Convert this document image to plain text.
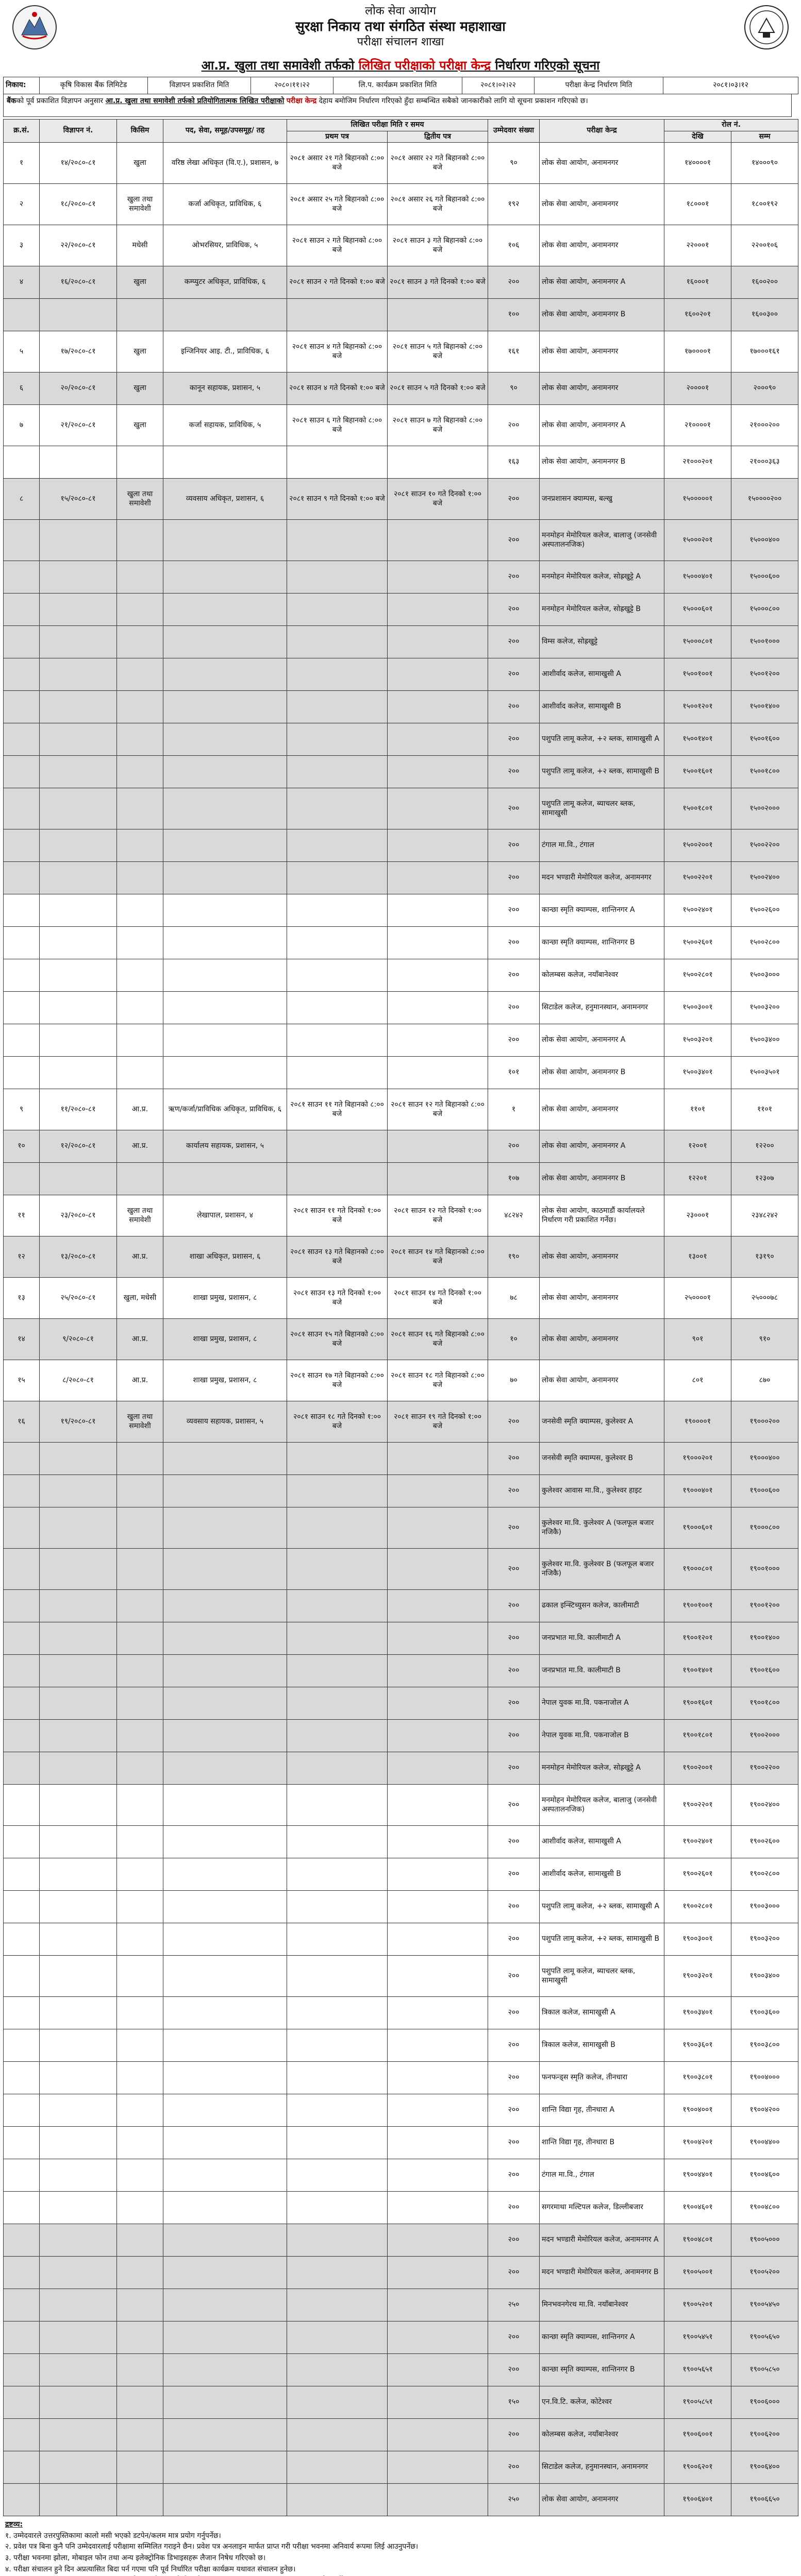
लोक सेवा आयोग
सुरक्षा निकाय तथा संगठित संस्था महाशाखा
परीक्षा संचालन शाखा
आ.प्र. खुला तथा समावेशी तर्फको लिखित परीक्षाको परीक्षा केन्द्र निर्धारण गरिएको सूचना
निकाय:	कृषि विकास बैंक लिमिटेड	विज्ञापन प्रकाशित मिति	२०८०।११।२२	लि.प. कार्यक्रम प्रकाशित मिति	२०८१।०२।२२	परीक्षा केन्द्र निर्धारण मिति	२०८१।०३।१२
बैंकको पूर्व प्रकाशित विज्ञापन अनुसार आ.प्र. खुला तथा समावेशी तर्फको प्रतियोगितात्मक लिखित परीक्षाको परीक्षा केन्द्र देहाय बमोजिम निर्धारण गरिएको हुँदा सम्बन्धित सबैको जानकारीको लागि यो सूचना प्रकाशन गरिएको छ।
क्र.सं.	विज्ञापन नं.	किसिम	पद, सेवा, समूह/उपसमूह/ तह	लिखित परीक्षा मिति र समय		उम्मेदवार संख्या	परीक्षा केन्द्र	रोल नं.	
				प्रथम पत्र	द्वितीय पत्र			देखि	सम्म
१	१४/२०८०-८१	खुला	वरिष्ठ लेखा अधिकृत (वि.ए.), प्रशासन, ७	२०८१ असार २१ गते बिहानको ८:०० बजे	२०८१ असार २२ गते बिहानको ८:०० बजे	९०	लोक सेवा आयोग, अनामनगर	१४००००१	१४०००९०
२	१८/२०८०-८१	खुला तथा समावेशी	कर्जा अधिकृत, प्राविधिक, ६	२०८१ असार २५ गते बिहानको ८:०० बजे	२०८१ असार २६ गते बिहानको ८:०० बजे	१९२	लोक सेवा आयोग, अनामनगर	१८०००१	१८००१९२
३	२२/२०८०-८१	मधेसी	ओभरसियर, प्राविधिक, ५	२०८१ साउन २ गते बिहानको ८:०० बजे	२०८१ साउन ३ गते बिहानको ८:०० बजे	१०६	लोक सेवा आयोग, अनामनगर	२२०००१	२२००१०६
४	१६/२०८०-८१	खुला	कम्प्युटर अधिकृत, प्राविधिक, ६	२०८१ साउन २ गते दिनको १:०० बजे	२०८१ साउन ३ गते दिनको १:०० बजे	२००	लोक सेवा आयोग, अनामनगर A	१६०००१	१६००२००
						१००	लोक सेवा आयोग, अनामनगर B	१६००२०१	१६००३००
५	१७/२०८०-८१	खुला	इन्जिनियर आइ. टी., प्राविधिक, ६	२०८१ साउन ४ गते बिहानको ८:०० बजे	२०८१ साउन ५ गते बिहानको ८:०० बजे	१६१	लोक सेवा आयोग, अनामनगर	१७००००१	१७०००१६१
६	२०/२०८०-८१	खुला	कानून सहायक, प्रशासन, ५	२०८१ साउन ४ गते दिनको १:०० बजे	२०८१ साउन ५ गते दिनको १:०० बजे	९०	लोक सेवा आयोग, अनामनगर	२००००१	२०००९०
७	२१/२०८०-८१	खुला	कर्जा सहायक, प्राविधिक, ५	२०८१ साउन ६ गते बिहानको ८:०० बजे	२०८१ साउन ७ गते बिहानको ८:०० बजे	२००	लोक सेवा आयोग, अनामनगर A	२१००००१	२१०००२००
						१६३	लोक सेवा आयोग, अनामनगर B	२१०००२०१	२१०००३६३
८	१५/२०८०-८१	खुला तथा समावेशी	व्यवसाय अधिकृत, प्रशासन, ६	२०८१ साउन ९ गते दिनको १:०० बजे	२०८१ साउन १० गते दिनको १:०० बजे	२००	जनप्रशासन क्याम्पस, बल्खु	१५०००००१	१५००००२००
						२००	मनमोहन मेमोरियल कलेज, बालाजु (जनसेवी अस्पतालनजिक)	१५०००२०१	१५०००४००
						२००	मनमोहन मेमोरियल कलेज, सोह्रखुट्टे A	१५०००४०१	१५०००६००
						२००	मनमोहन मेमोरियल कलेज, सोह्रखुट्टे B	१५०००६०१	१५०००८००
						२००	विम्स कलेज, सोह्रखुट्टे	१५०००८०१	१५००१०००
						२००	आशीर्वाद कलेज, सामाखुसी A	१५००१००१	१५००१२००
						२००	आशीर्वाद कलेज, सामाखुसी B	१५००१२०१	१५००१४००
						२००	पशुपति लामू कलेज, +२ ब्लक, सामाखुसी A	१५००१४०१	१५००१६००
						२००	पशुपति लामू कलेज, +२ ब्लक, सामाखुसी B	१५००१६०१	१५००१८००
						२००	पशुपति लामू कलेज, ब्याचलर ब्लक, सामाखुसी	१५००१८०१	१५००२०००
						२००	टंगाल मा.वि., टंगाल	१५००२००१	१५००२२००
						२००	मदन भण्डारी मेमोरियल कलेज, अनामनगर	१५००२२०१	१५००२४००
						२००	कान्छा स्मृति क्याम्पस, शान्तिनगर A	१५००२४०१	१५००२६००
						२००	कान्छा स्मृति क्याम्पस, शान्तिनगर B	१५००२६०१	१५००२८००
						२००	कोलम्बस कलेज, नयाँबानेश्वर	१५००२८०१	१५००३०००
						२००	सिटाडेल कलेज, हनुमानस्थान, अनामनगर	१५००३००१	१५००३२००
						२००	लोक सेवा आयोग, अनामनगर A	१५००३२०१	१५००३४००
						१०१	लोक सेवा आयोग, अनामनगर B	१५००३४०१	१५००३५०१
९	११/२०८०-८१	आ.प्र.	ऋण/कर्जा/प्राविधिक अधिकृत, प्राविधिक, ६	२०८१ साउन ११ गते बिहानको ८:०० बजे	२०८१ साउन १२ गते बिहानको ८:०० बजे	१	लोक सेवा आयोग, अनामनगर	११०१	११०१
१०	१२/२०८०-८१	आ.प्र.	कार्यालय सहायक, प्रशासन, ५			२००	लोक सेवा आयोग, अनामनगर A	१२००१	१२२००
						१०७	लोक सेवा आयोग, अनामनगर B	१२२०१	१२३०७
११	२३/२०८०-८१	खुला तथा समावेशी	लेखापाल, प्रशासन, ४	२०८१ साउन ११ गते दिनको १:०० बजे	२०८१ साउन १२ गते दिनको १:०० बजे	४८२४२	लोक सेवा आयोग, काठमाडौं कार्यालयले निर्धारण गरी प्रकाशित गर्नेछ।	२३०००१	२३४८२४२
१२	१३/२०८०-८१	आ.प्र.	शाखा अधिकृत, प्रशासन, ६	२०८१ साउन १३ गते बिहानको ८:०० बजे	२०८१ साउन १४ गते बिहानको ८:०० बजे	१९०	लोक सेवा आयोग, अनामनगर	१३००१	१३१९०
१३	२५/२०८०-८१	खुला, मधेसी	शाखा प्रमुख, प्रशासन, ८	२०८१ साउन १३ गते दिनको १:०० बजे	२०८१ साउन १४ गते दिनको १:०० बजे	७८	लोक सेवा आयोग, अनामनगर	२५००००१	२५०००७८
१४	९/२०८०-८१	आ.प्र.	शाखा प्रमुख, प्रशासन, ८	२०८१ साउन १५ गते बिहानको ८:०० बजे	२०८१ साउन १६ गते बिहानको ८:०० बजे	१०	लोक सेवा आयोग, अनामनगर	९०१	९१०
१५	८/२०८०-८१	आ.प्र.	शाखा प्रमुख, प्रशासन, ८	२०८१ साउन १७ गते बिहानको ८:०० बजे	२०८१ साउन १८ गते बिहानको ८:०० बजे	७०	लोक सेवा आयोग, अनामनगर	८०१	८७०
१६	१९/२०८०-८१	खुला तथा समावेशी	व्यवसाय सहायक, प्रशासन, ५	२०८१ साउन १८ गते दिनको १:०० बजे	२०८१ साउन १९ गते दिनको १:०० बजे	२००	जनसेवी स्मृति क्याम्पस, कुलेश्वर A	१९००००१	१९०००२००
						२००	जनसेवी स्मृति क्याम्पस, कुलेश्वर B	१९०००२०१	१९०००४००
						२००	कुलेश्वर आवास मा.वि., कुलेश्वर हाइट	१९०००४०१	१९०००६००
						२००	कुलेश्वर मा.वि. कुलेश्वर A (फलफूल बजार नजिकै)	१९०००६०१	१९०००८००
						२००	कुलेश्वर मा.वि. कुलेश्वर B (फलफूल बजार नजिकै)	१९०००८०१	१९००१०००
						२००	ढकाल इन्स्टिच्युसन कलेज, कालीमाटी	१९००१००१	१९००१२००
						२००	जनप्रभात मा.वि. कालीमाटी A	१९००१२०१	१९००१४००
						२००	जनप्रभात मा.वि. कालीमाटी B	१९००१४०१	१९००१६००
						२००	नेपाल युवक मा.वि. पकनाजोल A	१९००१६०१	१९००१८००
						२००	नेपाल युवक मा.वि. पकनाजोल B	१९००१८०१	१९००२०००
						२००	मनमोहन मेमोरियल कलेज, सोह्रखुट्टे A	१९००२००१	१९००२२००
						२००	मनमोहन मेमोरियल कलेज, बालाजु (जनसेवी अस्पतालनजिक)	१९००२२०१	१९००२४००
						२००	आशीर्वाद कलेज, सामाखुसी A	१९००२४०१	१९००२६००
						२००	आशीर्वाद कलेज, सामाखुसी B	१९००२६०१	१९००२८००
						२००	पशुपति लामू कलेज, +२ ब्लक, सामाखुसी A	१९००२८०१	१९००३०००
						२००	पशुपति लामू कलेज, +२ ब्लक, सामाखुसी B	१९००३००१	१९००३२००
						२००	पशुपति लामू कलेज, ब्याचलर ब्लक, सामाखुसी	१९००३२०१	१९००३४००
						२००	त्रिकाल कलेज, सामाखुसी A	१९००३४०१	१९००३६००
						२००	त्रिकाल कलेज, सामाखुसी B	१९००३६०१	१९००३८००
						२००	फनफन्ड्स स्मृति कलेज, तीनधारा	१९००३८०१	१९००४०००
						२००	शान्ति विद्या गृह, तीनधारा A	१९००४००१	१९००४२००
						२००	शान्ति विद्या गृह, तीनधारा B	१९००४२०१	१९००४४००
						२००	टंगाल मा.वि., टंगाल	१९००४४०१	१९००४६००
						२००	सगरमाथा मल्टिपल कलेज, डिल्लीबजार	१९००४६०१	१९००४८००
						२००	मदन भण्डारी मेमोरियल कलेज, अनामनगर A	१९००४८०१	१९००५०००
						२००	मदन भण्डारी मेमोरियल कलेज, अनामनगर B	१९००५००१	१९००५२००
						२५०	मिनभवनगेरथ मा.वि. नयाँबानेश्वर	१९००५२०१	१९००५४५०
						२००	कान्छा स्मृति क्याम्पस, शान्तिनगर A	१९००५४५१	१९००५६५०
						२००	कान्छा स्मृति क्याम्पस, शान्तिनगर B	१९००५६५१	१९००५८५०
						१५०	एन.वि.टि. कलेज, कोटेश्वर	१९००५८५१	१९००६०००
						२००	कोलम्बस कलेज, नयाँबानेश्वर	१९००६००१	१९००६२००
						२००	सिटाडेल कलेज, हनुमानस्थान, अनामनगर	१९००६२०१	१९००६४००
						२५०	लोक सेवा आयोग, अनामनगर	१९००६४०१	१९००६६५०
द्रष्टव्य:
१. उम्मेदवारले उत्तरपुस्तिकामा कालो मसी भएको डटपेन/कलम मात्र प्रयोग गर्नुपर्नेछ।
२. प्रवेश पत्र बिना कुनै पनि उम्मेदवारलाई परीक्षामा सम्मिलित गराइने छैन। प्रवेश पत्र अनलाइन मार्फत प्राप्त गरी परीक्षा भवनमा अनिवार्य रूपमा लिई आउनुपर्नेछ।
३. परीक्षा भवनमा झोला, मोबाइल फोन तथा अन्य इलेक्ट्रोनिक डिभाइसहरू लैजान निषेध गरिएको छ।
४. परीक्षा संचालन हुने दिन अप्रत्यासित बिदा पर्न गएमा पनि पूर्व निर्धारित परीक्षा कार्यक्रम यथावत संचालन हुनेछ।
